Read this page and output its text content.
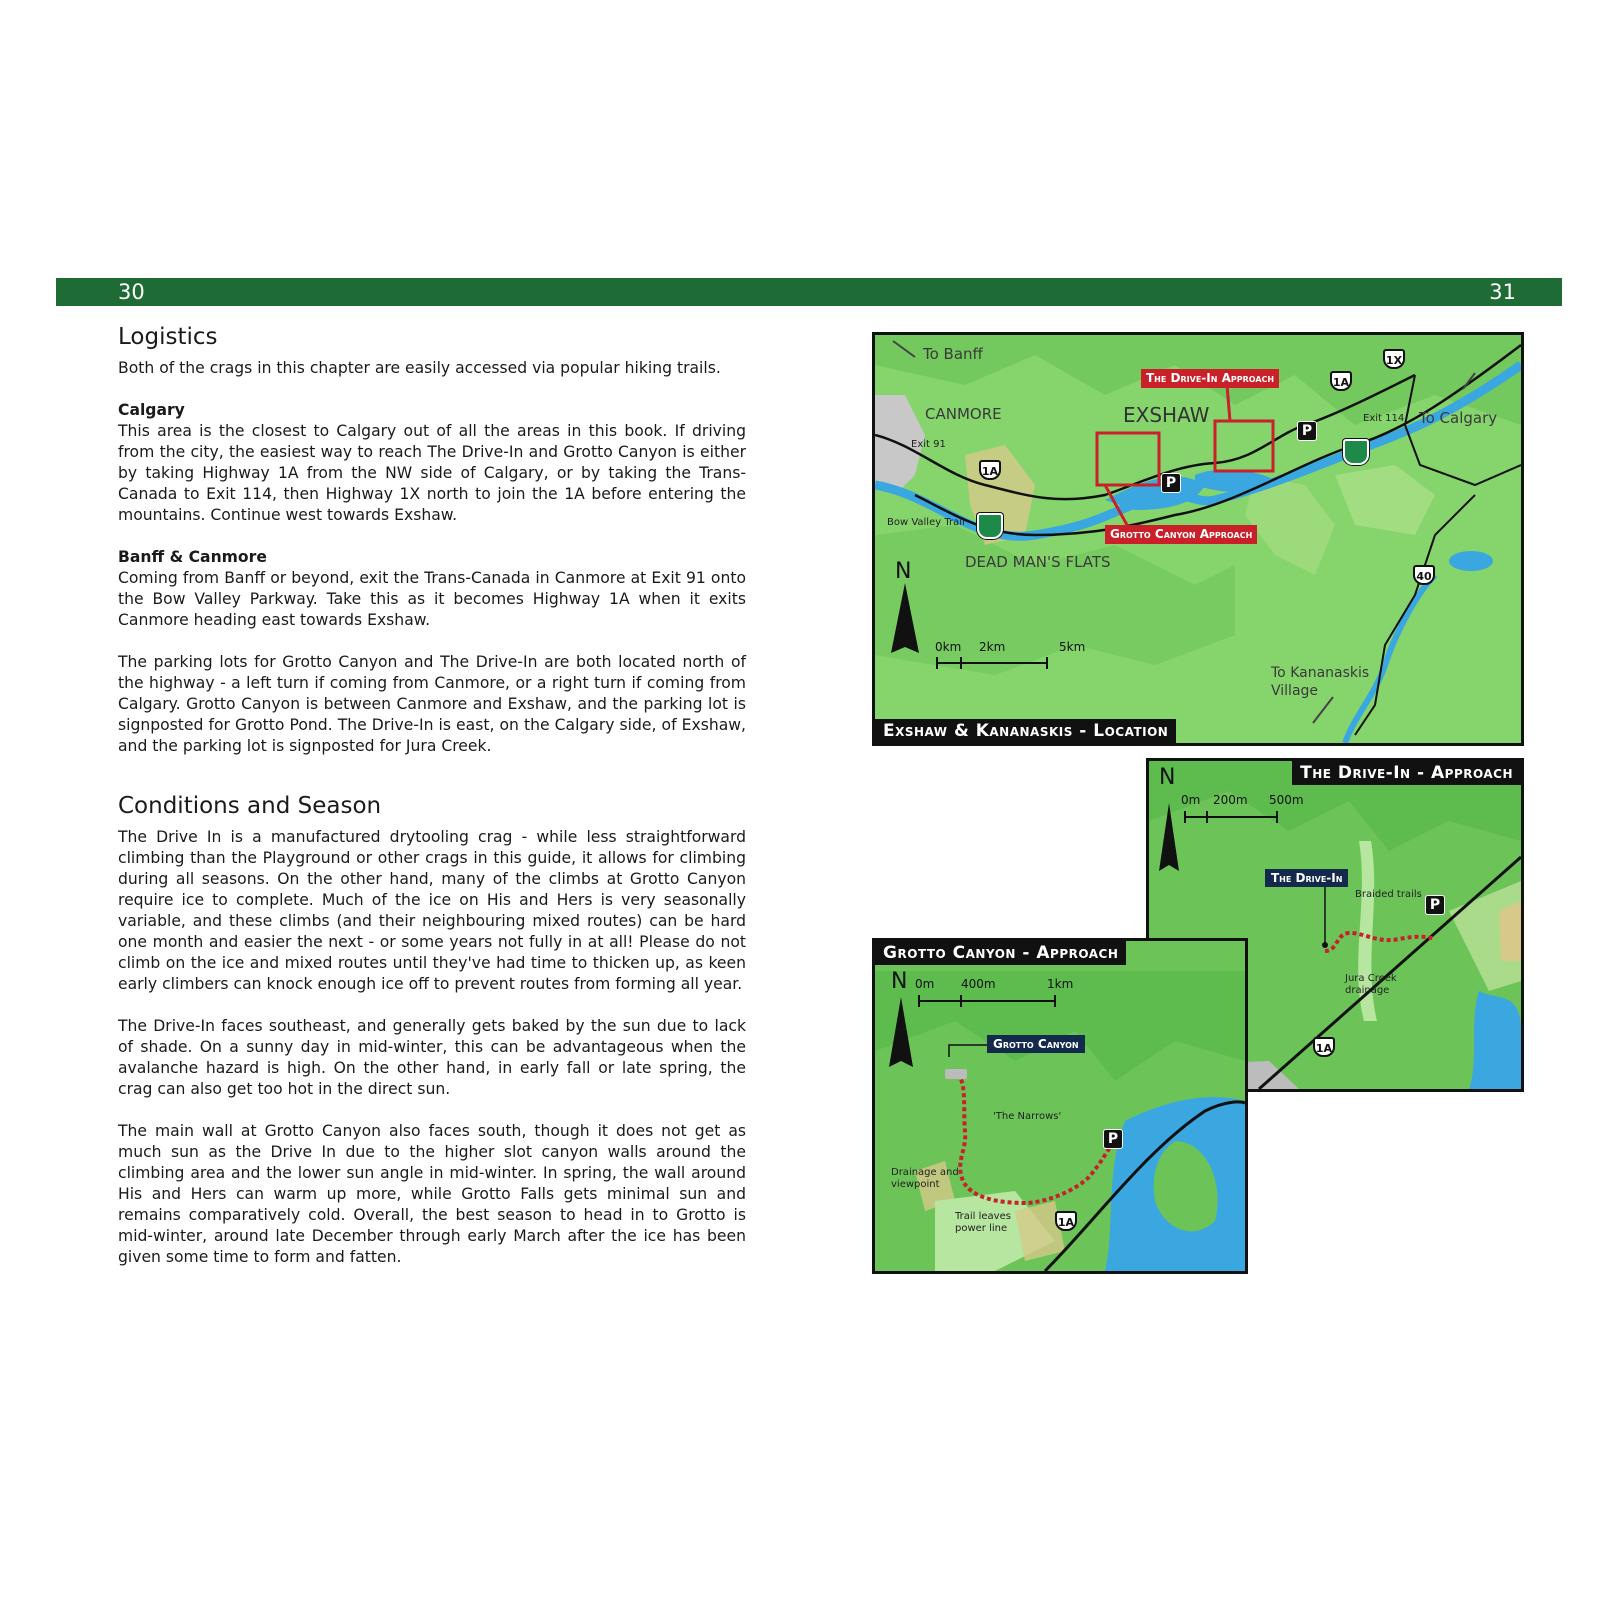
30	31
Logistics

Both of the crags in this chapter are easily accessed via popular hiking trails.

Calgary

This area is the closest to Calgary out of all the areas in this book. If driving from the city, the easiest way to reach The Drive-In and Grotto Canyon is either by taking Highway 1A from the NW side of Calgary, or by taking the Trans-Canada to Exit 114, then Highway 1X north to join the 1A before entering the mountains. Continue west towards Exshaw.

Banff & Canmore

Coming from Banff or beyond, exit the Trans-Canada in Canmore at Exit 91 onto the Bow Valley Parkway. Take this as it becomes Highway 1A when it exits Canmore heading east towards Exshaw.

The parking lots for Grotto Canyon and The Drive-In are both located north of the highway - a left turn if coming from Canmore, or a right turn if coming from Calgary. Grotto Canyon is between Canmore and Exshaw, and the parking lot is signposted for Grotto Pond. The Drive-In is east, on the Calgary side, of Exshaw, and the parking lot is signposted for Jura Creek.

Conditions and Season

The Drive In is a manufactured drytooling crag - while less straightforward climbing than the Playground or other crags in this guide, it allows for climbing during all seasons. On the other hand, many of the climbs at Grotto Canyon require ice to complete. Much of the ice on His and Hers is very seasonally variable, and these climbs (and their neighbouring mixed routes) can be hard one month and easier the next - or some years not fully in at all! Please do not climb on the ice and mixed routes until they've had time to thicken up, as keen early climbers can knock enough ice off to prevent routes from forming all year.

The Drive-In faces southeast, and generally gets baked by the sun due to lack of shade. On a sunny day in mid-winter, this can be advantageous when the avalanche hazard is high. On the other hand, in early fall or late spring, the crag can also get too hot in the direct sun.

The main wall at Grotto Canyon also faces south, though it does not get as much sun as the Drive In due to the higher slot canyon walls around the climbing area and the lower sun angle in mid-winter. In spring, the wall around His and Hers can warm up more, while Grotto Falls gets minimal sun and remains comparatively cold. Overall, the best season to head in to Grotto is mid-winter, around late December through early March after the ice has been given some time to form and fatten.

To Banff
CANMORE	EXSHAW
DEAD MAN'S FLATS
To Calgary
To Kananaskis
Village
Exit 91
Exit 114
Bow Valley Trail
The Drive-In Approach
Grotto Canyon Approach
1A
1A
1X
40
P
P
N
0km 2km	5km
Exshaw & Kananaskis - Location
N
0m 200m 500m
The Drive-In
Braided trails
Jura Creek
drainage
1A
P
The Drive-In - Approach
N 0m 400m	1km
Grotto Canyon
'The Narrows'
Drainage and
viewpoint
Trail leaves
power line	1A
P
Grotto Canyon - Approach
